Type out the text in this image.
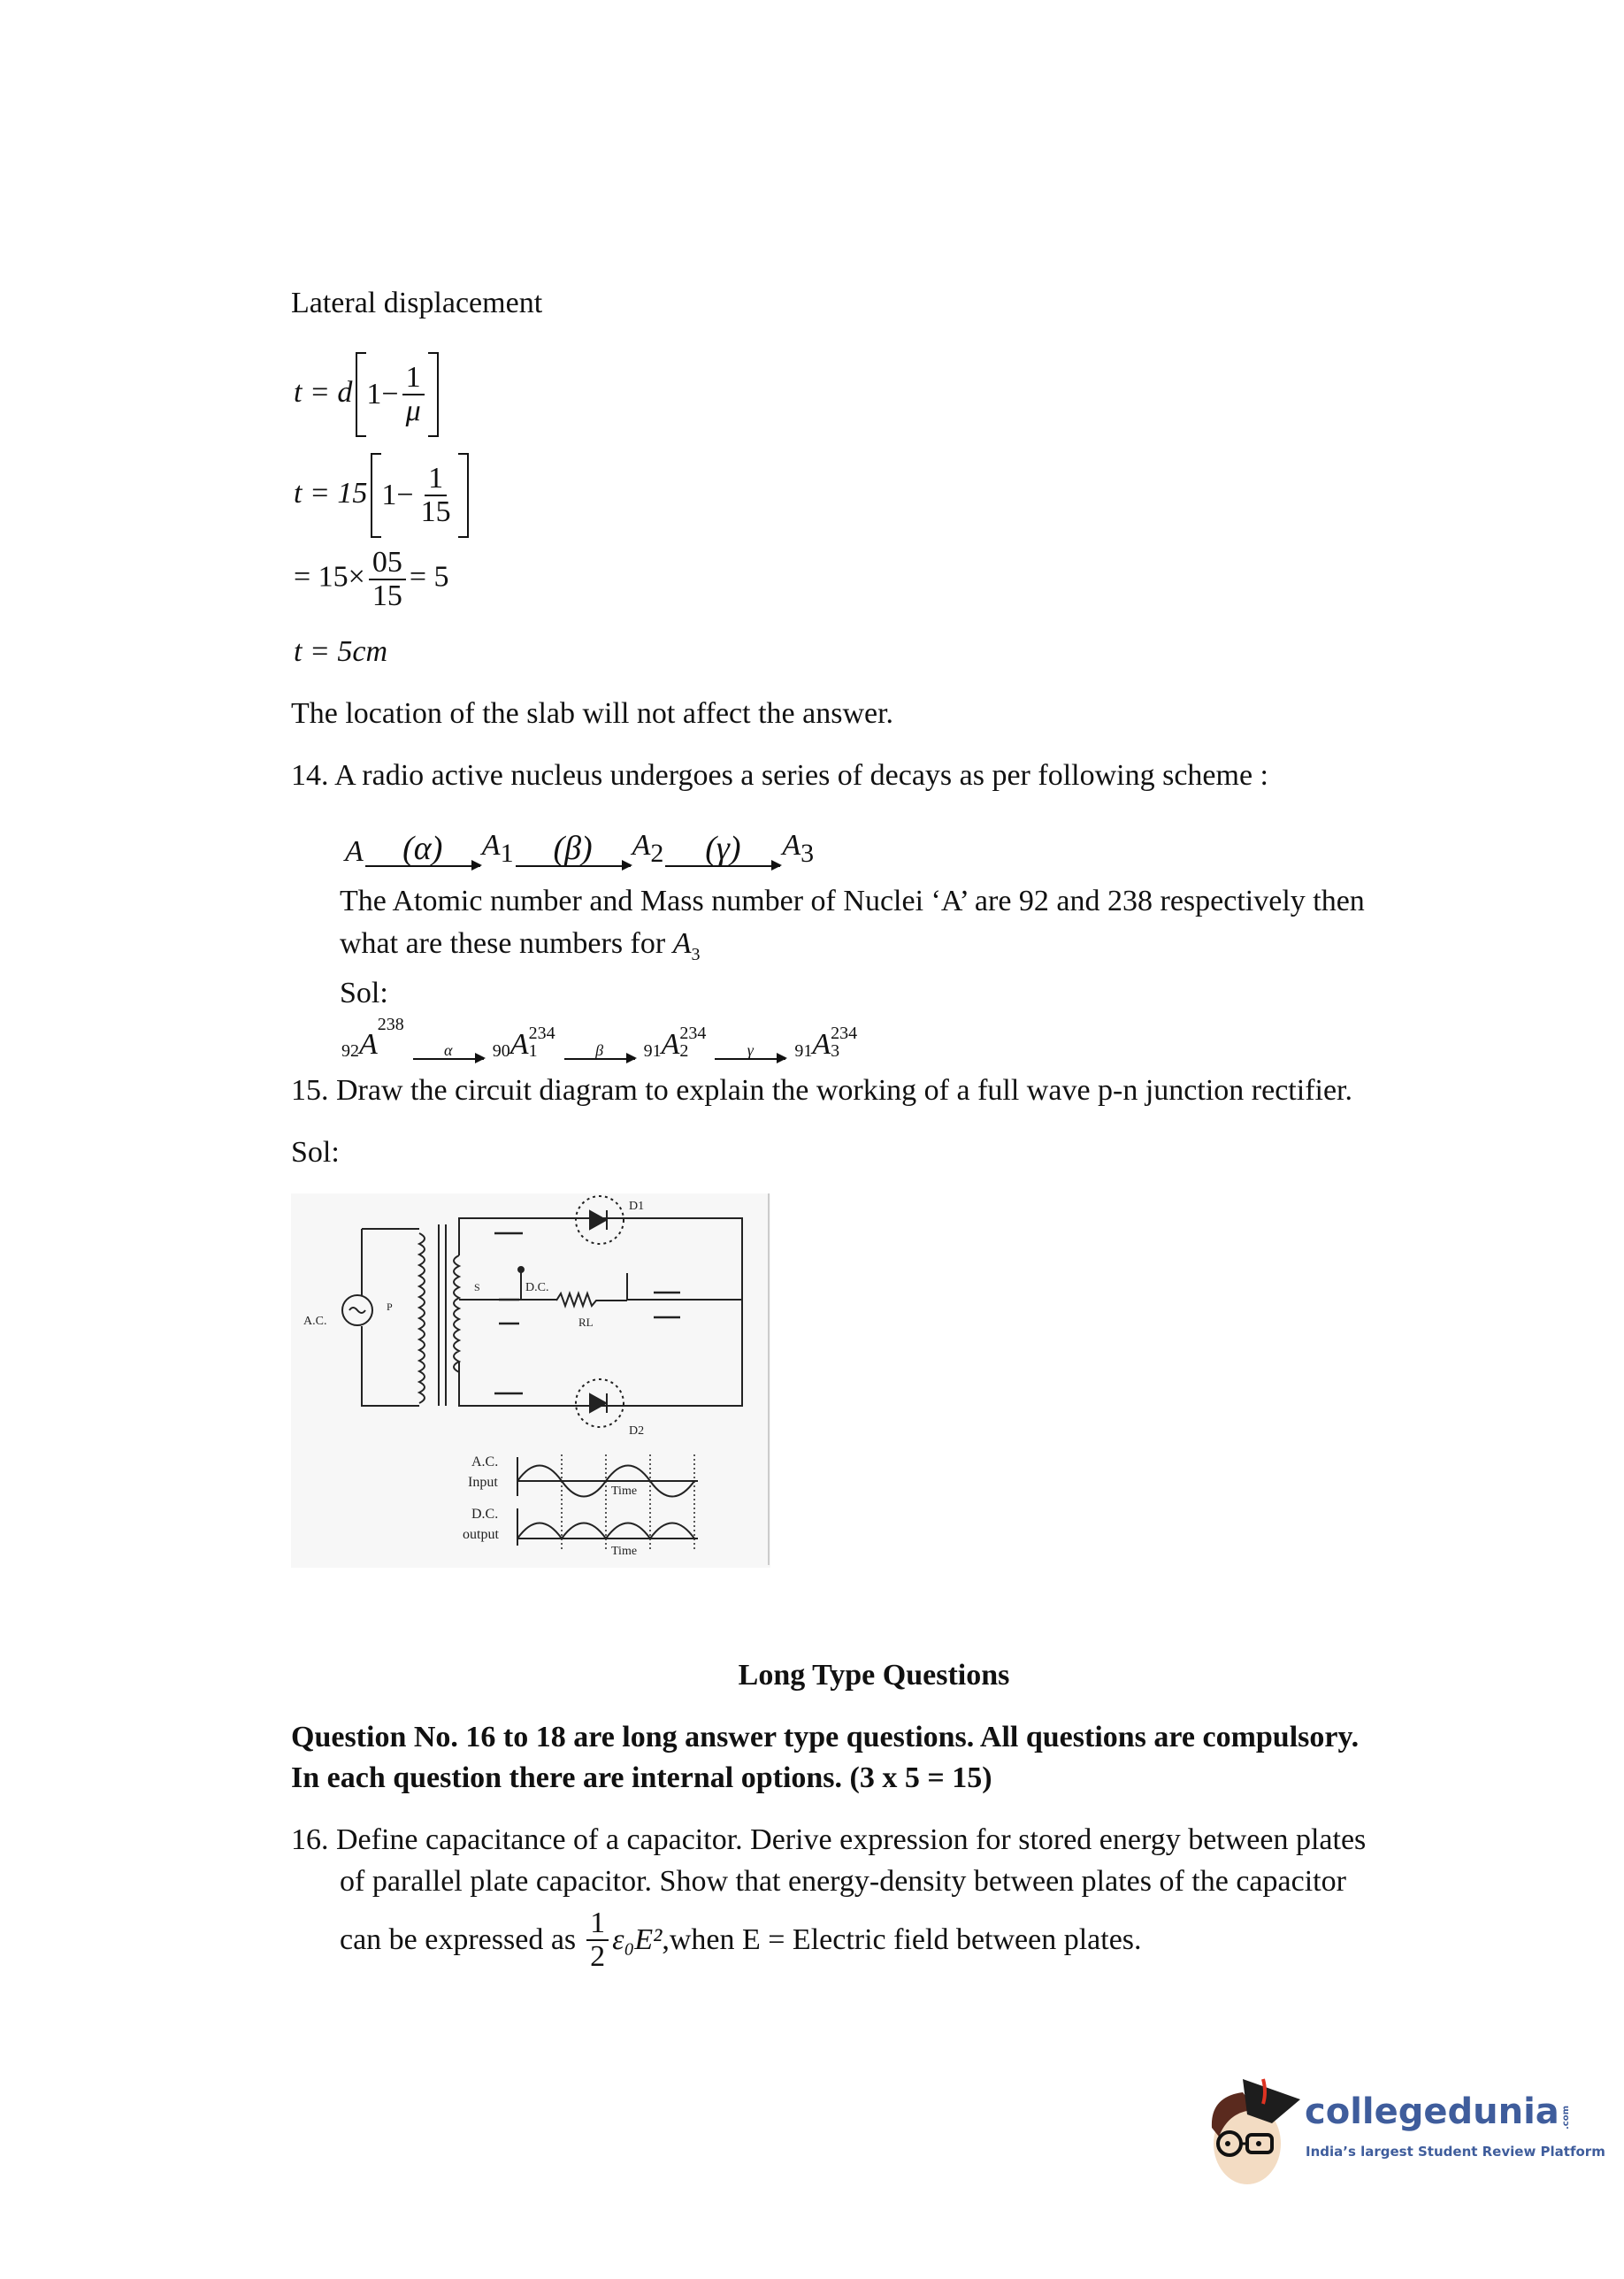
Lateral displacement
t = d $1 - \frac{1}{\mu}$
t = 15 $1 - \frac{1}{15}$
= $15\times \frac{05}{15} = 5$
t = 5cm
The location of the slab will not affect the answer.
14. A radio active nucleus undergoes a series of decays as per following scheme :
A (α) $A_1$ (β) $A_2$ (γ) $A_3$
The Atomic number and Mass number of Nuclei ‘A’ are 92 and 238 respectively then
what are these numbers for $A_3$
Sol:
92 A
$^{238}$
α 90 A 234
1	β 91 A 234
2	γ 91 A 234
3
15. Draw the circuit diagram to explain the working of a full wave p-n junction rectifier.
Sol:
A.C.
P
S
D1
D2
D.C.
RL
A.C.
Input
Time
D.C.
output
Time
Long Type Questions
Question No. 16 to 18 are long answer type questions. All questions are compulsory.
In each question there are internal options. (3 x 5 = 15)
16. Define capacitance of a capacitor. Derive expression for stored energy between plates
of parallel plate capacitor. Show that energy-density between plates of the capacitor
can be expressed as $\frac{1}{2} \varepsilon_0E^2$ ,when E = Electric field between plates.
collegedunia .com
India’s largest Student Review Platform
